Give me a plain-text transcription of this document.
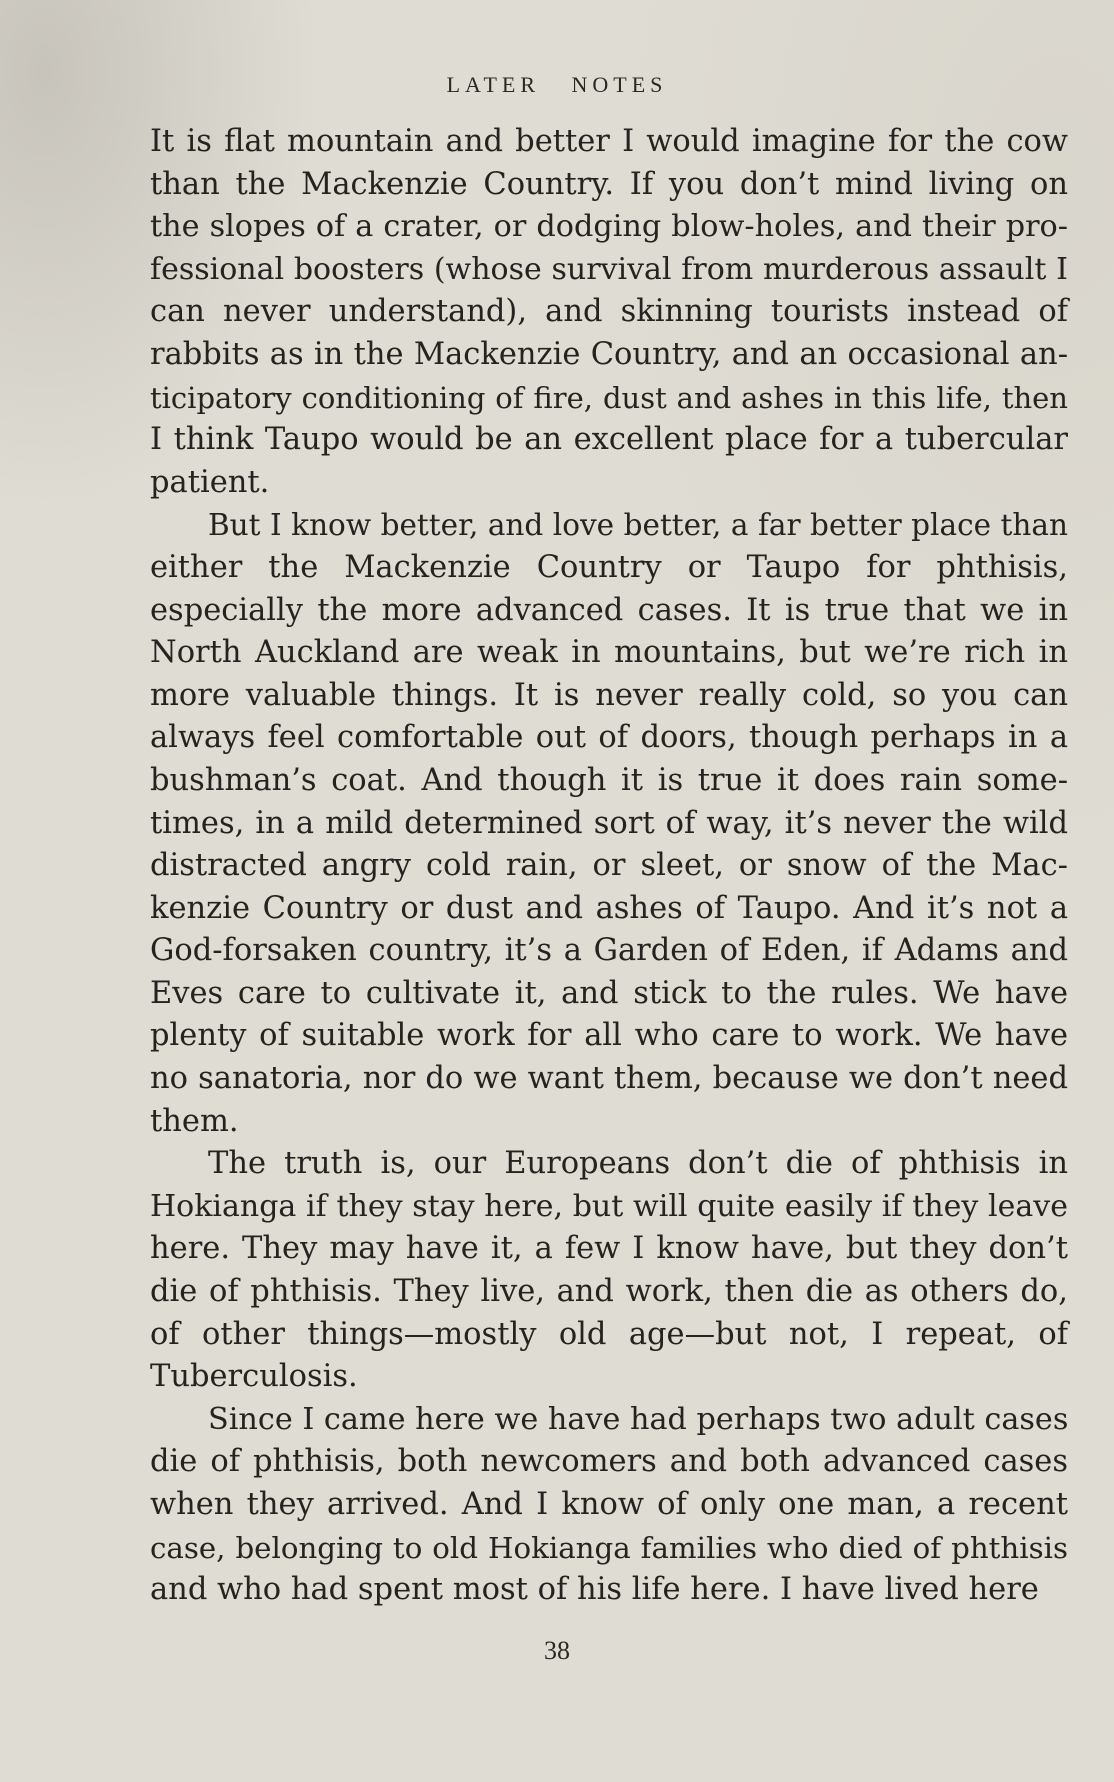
LATER   NOTES
It is flat mountain and better I would imagine for the cow
than the Mackenzie Country. If you don’t mind living on
the slopes of a crater, or dodging blow-holes, and their pro-
fessional boosters (whose survival from murderous assault I
can never understand), and skinning tourists instead of
rabbits as in the Mackenzie Country, and an occasional an-
ticipatory conditioning of fire, dust and ashes in this life, then
I think Taupo would be an excellent place for a tubercular
patient.
But I know better, and love better, a far better place than
either the Mackenzie Country or Taupo for phthisis,
especially the more advanced cases. It is true that we in
North Auckland are weak in mountains, but we’re rich in
more valuable things. It is never really cold, so you can
always feel comfortable out of doors, though perhaps in a
bushman’s coat. And though it is true it does rain some-
times, in a mild determined sort of way, it’s never the wild
distracted angry cold rain, or sleet, or snow of the Mac-
kenzie Country or dust and ashes of Taupo. And it’s not a
God-forsaken country, it’s a Garden of Eden, if Adams and
Eves care to cultivate it, and stick to the rules. We have
plenty of suitable work for all who care to work. We have
no sanatoria, nor do we want them, because we don’t need
them.
The truth is, our Europeans don’t die of phthisis in
Hokianga if they stay here, but will quite easily if they leave
here. They may have it, a few I know have, but they don’t
die of phthisis. They live, and work, then die as others do,
of other things—mostly old age—but not, I repeat, of
Tuberculosis.
Since I came here we have had perhaps two adult cases
die of phthisis, both newcomers and both advanced cases
when they arrived. And I know of only one man, a recent
case, belonging to old Hokianga families who died of phthisis
and who had spent most of his life here. I have lived here
38
